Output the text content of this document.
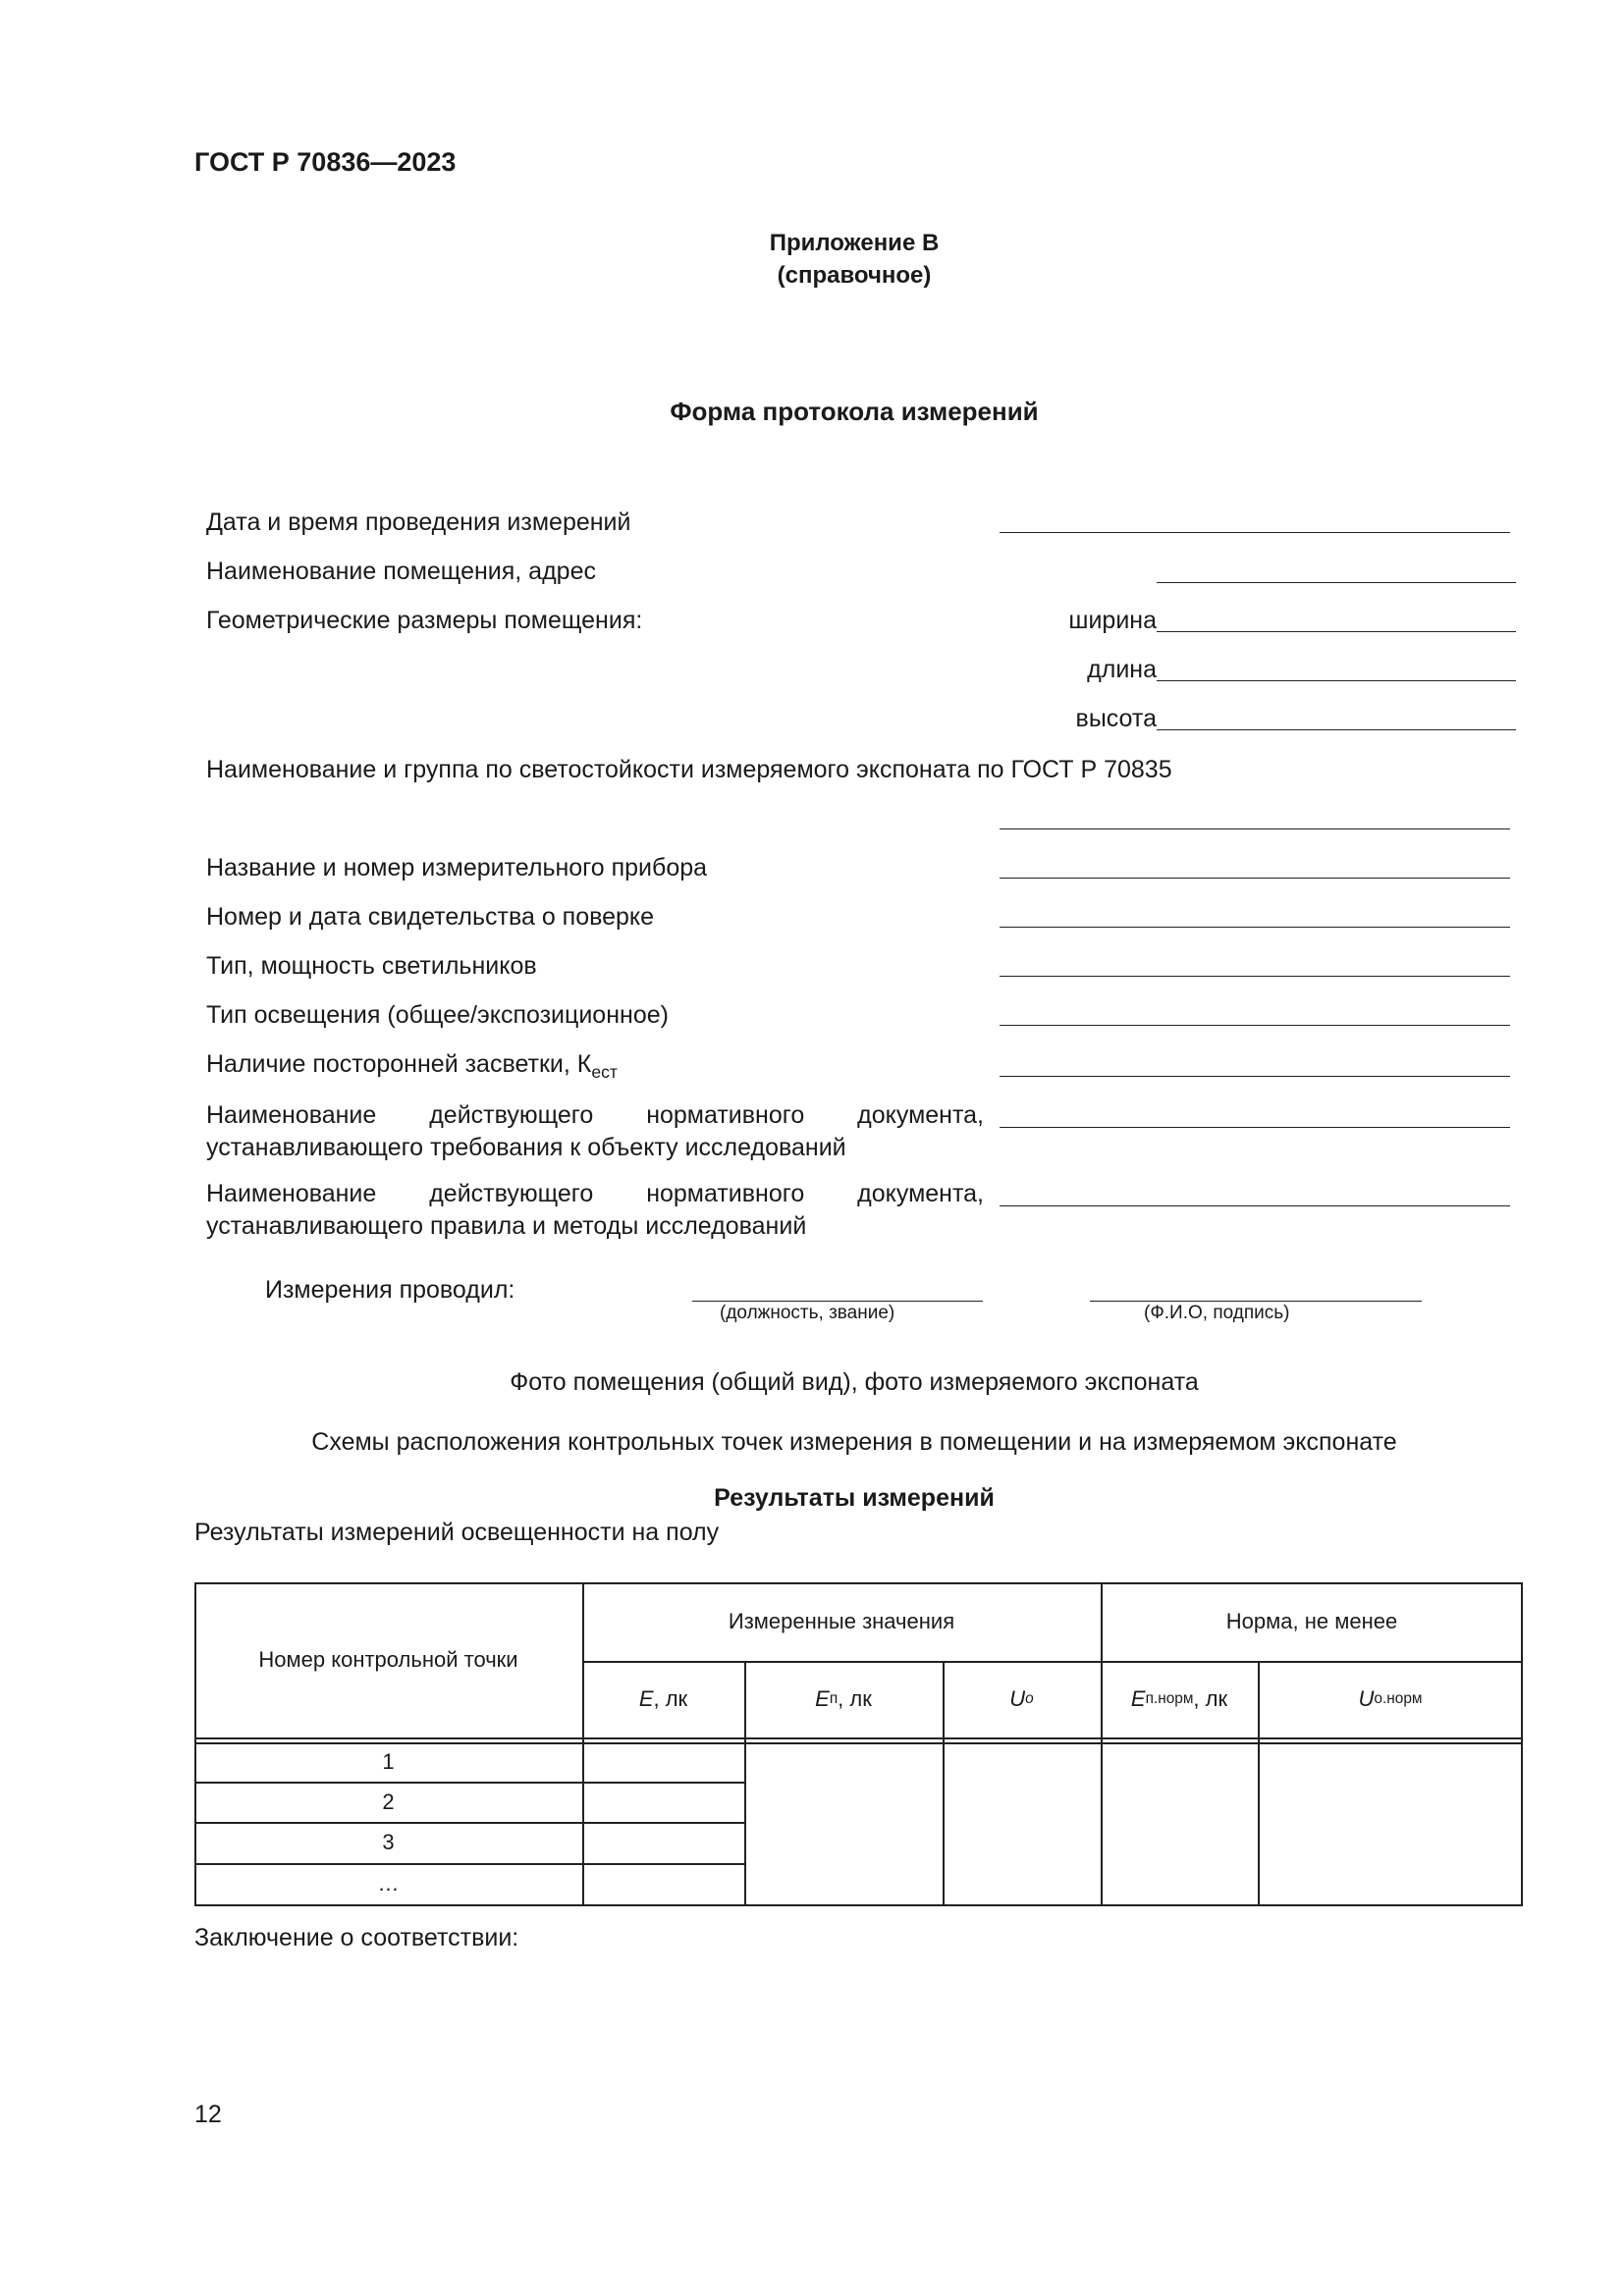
ГОСТ Р 70836—2023
Приложение В
(справочное)
Форма протокола измерений
Дата и время проведения измерений
Наименование помещения, адрес
Геометрические размеры помещения:	ширина
длина
высота
Наименование и группа по светостойкости измеряемого экспоната по ГОСТ Р 70835
Название и номер измерительного прибора
Номер и дата свидетельства о поверке
Тип, мощность светильников
Тип освещения (общее/экспозиционное)
Наличие посторонней засветки, $К_{ест}$
Наименование действующего нормативного документа, устанавливающего требования к объекту исследований
Наименование действующего нормативного документа, устанавливающего правила и методы исследований
Измерения проводил:
(должность, звание)	(Ф.И.О, подпись)
Фото помещения (общий вид), фото измеряемого экспоната
Схемы расположения контрольных точек измерения в помещении и на измеряемом экспонате
Результаты измерений
Результаты измерений освещенности на полу
Номер контрольной точки
Измеренные значения	Норма, не менее
E , лк	E п , лк	U o	E п.норм , лк	U о.норм
1
2
3
…
Заключение о соответствии:
12
